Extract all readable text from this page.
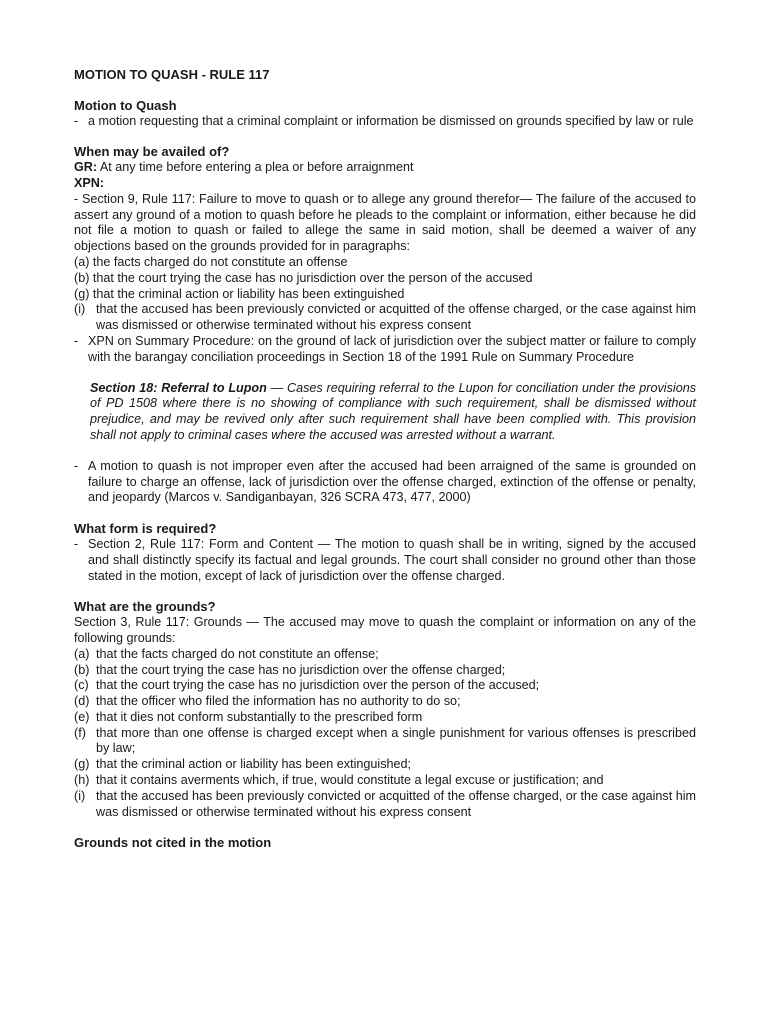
MOTION TO QUASH - RULE 117

Motion to Quash

- a motion requesting that a criminal complaint or information be dismissed on grounds specified by law or rule

When may be availed of?

GR: At any time before entering a plea or before arraignment

XPN:

- Section 9, Rule 117: Failure to move to quash or to allege any ground therefor— The failure of the accused to assert any ground of a motion to quash before he pleads to the complaint or information, either because he did not file a motion to quash or failed to allege the same in said motion, shall be deemed a waiver of any objections based on the grounds provided for in paragraphs:

(a) the facts charged do not constitute an offense
(b) that the court trying the case has no jurisdiction over the person of the accused
(g) that the criminal action or liability has been extinguished
(i) that the accused has been previously convicted or acquitted of the offense charged, or the case against him was dismissed or otherwise terminated without his express consent
- XPN on Summary Procedure: on the ground of lack of jurisdiction over the subject matter or failure to comply with the barangay conciliation proceedings in Section 18 of the 1991 Rule on Summary Procedure

Section 18: Referral to Lupon — Cases requiring referral to the Lupon for conciliation under the provisions of PD 1508 where there is no showing of compliance with such requirement, shall be dismissed without prejudice, and may be revived only after such requirement shall have been complied with. This provision shall not apply to criminal cases where the accused was arrested without a warrant.

- A motion to quash is not improper even after the accused had been arraigned of the same is grounded on failure to charge an offense, lack of jurisdiction over the offense charged, extinction of the offense or penalty, and jeopardy (Marcos v. Sandiganbayan, 326 SCRA 473, 477, 2000)

What form is required?

- Section 2, Rule 117: Form and Content — The motion to quash shall be in writing, signed by the accused and shall distinctly specify its factual and legal grounds. The court shall consider no ground other than those stated in the motion, except of lack of jurisdiction over the offense charged.

What are the grounds?

Section 3, Rule 117: Grounds — The accused may move to quash the complaint or information on any of the following grounds:

(a) that the facts charged do not constitute an offense;
(b) that the court trying the case has no jurisdiction over the offense charged;
(c) that the court trying the case has no jurisdiction over the person of the accused;
(d) that the officer who filed the information has no authority to do so;
(e) that it dies not conform substantially to the prescribed form
(f) that more than one offense is charged except when a single punishment for various offenses is prescribed by law;
(g) that the criminal action or liability has been extinguished;
(h) that it contains averments which, if true, would constitute a legal excuse or justification; and
(i) that the accused has been previously convicted or acquitted of the offense charged, or the case against him was dismissed or otherwise terminated without his express consent

Grounds not cited in the motion
